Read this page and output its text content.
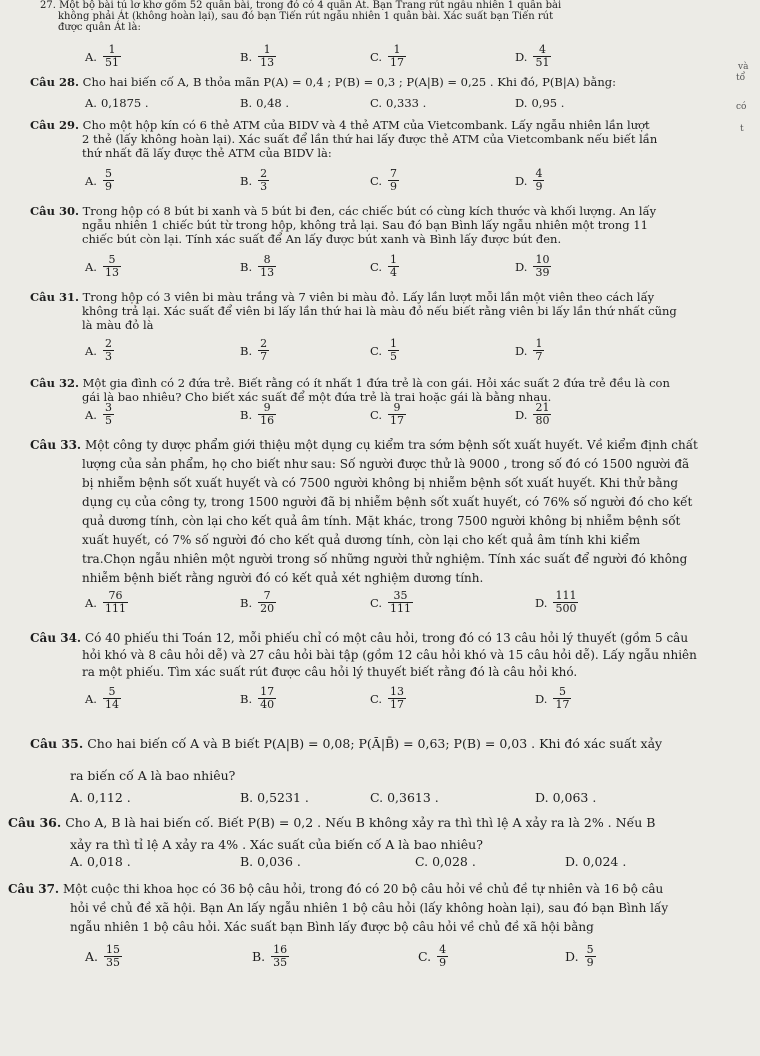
27. Một bộ bài tú lơ khơ gồm 52 quân bài, trong đó có 4 quân Át. Bạn Trang rút ngẫu nhiên 1 quân bài
không phải Át (không hoàn lại), sau đó bạn Tiến rút ngẫu nhiên 1 quân bài. Xác suất bạn Tiến rút
được quân Át là:
A. $\frac{1}{51}$	B. $\frac{1}{13}$	C. $\frac{1}{17}$	D. $\frac{4}{51}$	và
tổ
có
t
Câu 28. Cho hai biến cố A, B thỏa mãn P(A) = 0,4 ; P(B) = 0,3 ; P(A|B) = 0,25 . Khi đó, P(B|A) bằng:
A. 0,1875 .	B. 0,48 .	C. 0,333 .	D. 0,95 .
Câu 29. Cho một hộp kín có 6 thẻ ATM của BIDV và 4 thẻ ATM của Vietcombank. Lấy ngẫu nhiên lần lượt
2 thẻ (lấy không hoàn lại). Xác suất để lần thứ hai lấy được thẻ ATM của Vietcombank nếu biết lần
thứ nhất đã lấy được thẻ ATM của BIDV là:
A. $\frac{5}{9}$	B. $\frac{2}{3}$	C. $\frac{7}{9}$	D. $\frac{4}{9}$
Câu 30. Trong hộp có 8 bút bi xanh và 5 bút bi đen, các chiếc bút có cùng kích thước và khối lượng. An lấy
ngẫu nhiên 1 chiếc bút từ trong hộp, không trả lại. Sau đó bạn Bình lấy ngẫu nhiên một trong 11
chiếc bút còn lại. Tính xác suất để An lấy được bút xanh và Bình lấy được bút đen.
A. $\frac{5}{13}$	B. $\frac{8}{13}$	C. $\frac{1}{4}$	D. $\frac{10}{39}$
Câu 31. Trong hộp có 3 viên bi màu trắng và 7 viên bi màu đỏ. Lấy lần lượt mỗi lần một viên theo cách lấy
không trả lại. Xác suất để viên bi lấy lần thứ hai là màu đỏ nếu biết rằng viên bi lấy lần thứ nhất cũng
là màu đỏ là
A. $\frac{2}{3}$	B. $\frac{2}{7}$	C. $\frac{1}{5}$	D. $\frac{1}{7}$
Câu 32. Một gia đình có 2 đứa trẻ. Biết rằng có ít nhất 1 đứa trẻ là con gái. Hỏi xác suất 2 đứa trẻ đều là con
gái là bao nhiêu? Cho biết xác suất để một đứa trẻ là trai hoặc gái là bằng nhau.
A. $\frac{3}{5}$	B. $\frac{9}{16}$	C. $\frac{9}{17}$	D. $\frac{21}{80}$
Câu 33. Một công ty dược phẩm giới thiệu một dụng cụ kiểm tra sớm bệnh sốt xuất huyết. Về kiểm định chất
lượng của sản phẩm, họ cho biết như sau: Số người được thử là 9000 , trong số đó có 1500 người đã
bị nhiễm bệnh sốt xuất huyết và có 7500 người không bị nhiễm bệnh sốt xuất huyết. Khi thử bằng
dụng cụ của công ty, trong 1500 người đã bị nhiễm bệnh sốt xuất huyết, có 76% số người đó cho kết
quả dương tính, còn lại cho kết quả âm tính. Mặt khác, trong 7500 người không bị nhiễm bệnh sốt
xuất huyết, có 7% số người đó cho kết quả dương tính, còn lại cho kết quả âm tính khi kiểm
tra.Chọn ngẫu nhiên một người trong số những người thử nghiệm. Tính xác suất để người đó không
nhiễm bệnh biết rằng người đó có kết quả xét nghiệm dương tính.
A. $\frac{76}{111}$	B. $\frac{7}{20}$	C. $\frac{35}{111}$	D. $\frac{111}{500}$
Câu 34. Có 40 phiếu thi Toán 12, mỗi phiếu chỉ có một câu hỏi, trong đó có 13 câu hỏi lý thuyết (gồm 5 câu
hỏi khó và 8 câu hỏi dễ) và 27 câu hỏi bài tập (gồm 12 câu hỏi khó và 15 câu hỏi dễ). Lấy ngẫu nhiên
ra một phiếu. Tìm xác suất rút được câu hỏi lý thuyết biết rằng đó là câu hỏi khó.
A. $\frac{5}{14}$	B. $\frac{17}{40}$	C. $\frac{13}{17}$	D. $\frac{5}{17}$
Câu 35. Cho hai biến cố A và B biết P(A|B) = 0,08; P(Ā|B̄) = 0,63; P(B) = 0,03 . Khi đó xác suất xảy
ra biến cố A là bao nhiêu?
A. 0,112 .	B. 0,5231 .	C. 0,3613 .	D. 0,063 .
Câu 36. Cho A, B là hai biến cố. Biết P(B) = 0,2 . Nếu B không xảy ra thì thì lệ A xảy ra là 2% . Nếu B
xảy ra thì tỉ lệ A xảy ra 4% . Xác suất của biến cố A là bao nhiêu?
A. 0,018 .	B. 0,036 .	C. 0,028 .	D. 0,024 .
Câu 37. Một cuộc thi khoa học có 36 bộ câu hỏi, trong đó có 20 bộ câu hỏi về chủ đề tự nhiên và 16 bộ câu
hỏi về chủ đề xã hội. Bạn An lấy ngẫu nhiên 1 bộ câu hỏi (lấy không hoàn lại), sau đó bạn Bình lấy
ngẫu nhiên 1 bộ câu hỏi. Xác suất bạn Bình lấy được bộ câu hỏi về chủ đề xã hội bằng
A. $\frac{15}{35}$	B. $\frac{16}{35}$	C. $\frac{4}{9}$	D. $\frac{5}{9}$
